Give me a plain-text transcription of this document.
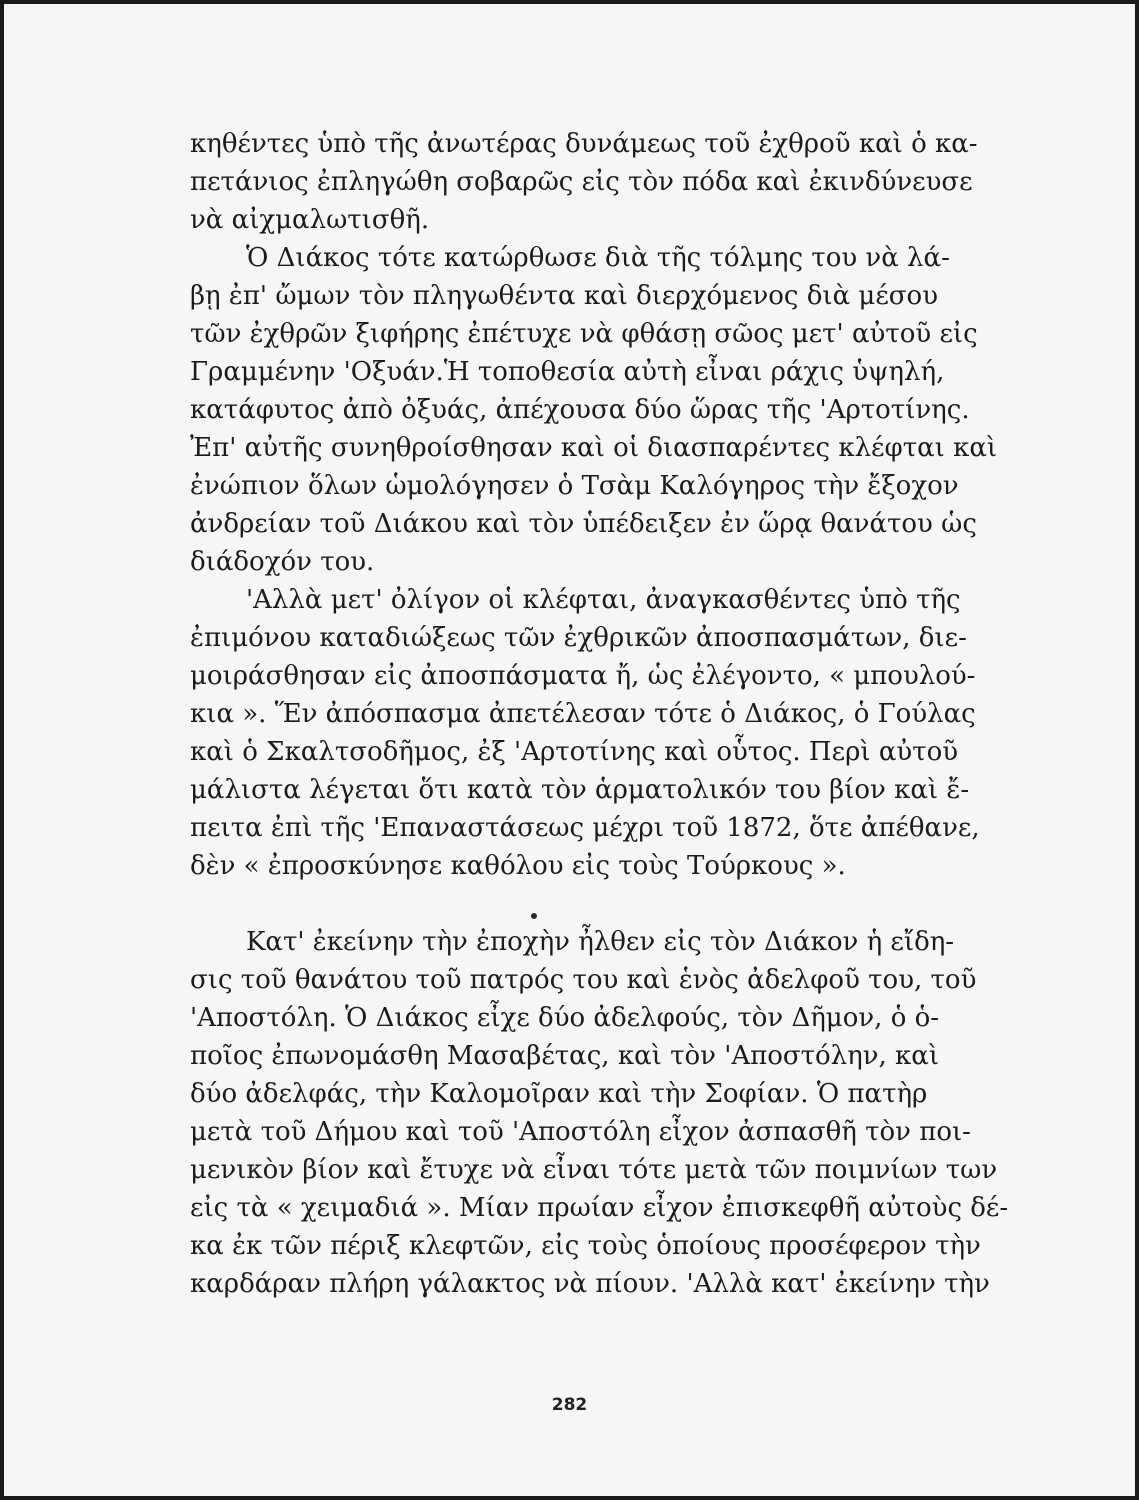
κηθέντες ὑπὸ τῆς ἀνωτέρας δυνάμεως τοῦ ἐχθροῦ καὶ ὁ κα-
πετάνιος ἐπληγώθη σοβαρῶς εἰς τὸν πόδα καὶ ἐκινδύνευσε
νὰ αἰχμαλωτισθῆ.
Ὁ Διάκος τότε κατώρθωσε διὰ τῆς τόλμης του νὰ λά-
βῃ ἐπ' ὤμων τὸν πληγωθέντα καὶ διερχόμενος διὰ μέσου
τῶν ἐχθρῶν ξιφήρης ἐπέτυχε νὰ φθάσῃ σῶος μετ' αὐτοῦ εἰς
Γραμμένην 'Οξυάν.Ἡ τοποθεσία αὐτὴ εἶναι ράχις ὑψηλή,
κατάφυτος ἀπὸ ὀξυάς, ἀπέχουσα δύο ὥρας τῆς 'Αρτοτίνης.
Ἐπ' αὐτῆς συνηθροίσθησαν καὶ οἱ διασπαρέντες κλέφται καὶ
ἐνώπιον ὅλων ὡμολόγησεν ὁ Τσὰμ Καλόγηρος τὴν ἔξοχον
ἀνδρείαν τοῦ Διάκου καὶ τὸν ὑπέδειξεν ἐν ὥρᾳ θανάτου ὡς
διάδοχόν του.
'Αλλὰ μετ' ὀλίγον οἱ κλέφται, ἀναγκασθέντες ὑπὸ τῆς
ἐπιμόνου καταδιώξεως τῶν ἐχθρικῶν ἀποσπασμάτων, διε-
μοιράσθησαν εἰς ἀποσπάσματα ἤ, ὡς ἐλέγοντο, « μπουλού-
κια ». Ἕν ἀπόσπασμα ἀπετέλεσαν τότε ὁ Διάκος, ὁ Γούλας
καὶ ὁ Σκαλτσοδῆμος, ἐξ 'Αρτοτίνης καὶ οὗτος. Περὶ αὐτοῦ
μάλιστα λέγεται ὅτι κατὰ τὸν ἁρματολικόν του βίον καὶ ἔ-
πειτα ἐπὶ τῆς 'Επαναστάσεως μέχρι τοῦ 1872, ὅτε ἀπέθανε,
δὲν « ἐπροσκύνησε καθόλου εἰς τοὺς Τούρκους ».
Κατ' ἐκείνην τὴν ἐποχὴν ἦλθεν εἰς τὸν Διάκον ἡ εἴδη-
σις τοῦ θανάτου τοῦ πατρός του καὶ ἑνὸς ἀδελφοῦ του, τοῦ
'Αποστόλη. Ὁ Διάκος εἶχε δύο ἀδελφούς, τὸν Δῆμον, ὁ ὁ-
ποῖος ἐπωνομάσθη Μασαβέτας, καὶ τὸν 'Αποστόλην, καὶ
δύο ἀδελφάς, τὴν Καλομοῖραν καὶ τὴν Σοφίαν. Ὁ πατὴρ
μετὰ τοῦ Δήμου καὶ τοῦ 'Αποστόλη εἶχον ἀσπασθῆ τὸν ποι-
μενικὸν βίον καὶ ἔτυχε νὰ εἶναι τότε μετὰ τῶν ποιμνίων των
εἰς τὰ « χειμαδιά ». Μίαν πρωίαν εἶχον ἐπισκεφθῆ αὐτοὺς δέ-
κα ἐκ τῶν πέριξ κλεφτῶν, εἰς τοὺς ὁποίους προσέφερον τὴν
καρδάραν πλήρη γάλακτος νὰ πίουν. 'Αλλὰ κατ' ἐκείνην τὴν
282
